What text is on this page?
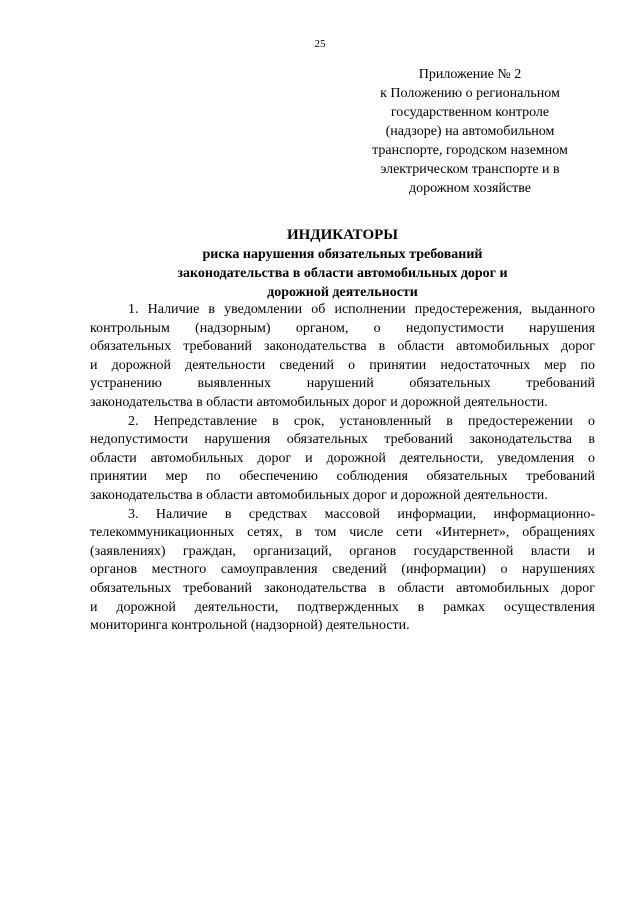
25
Приложение № 2
к Положению о региональном
государственном контроле
(надзоре) на автомобильном
транспорте, городском наземном
электрическом транспорте и в
дорожном хозяйстве
ИНДИКАТОРЫ
риска нарушения обязательных требований
законодательства в области автомобильных дорог и
дорожной деятельности
1. Наличие в уведомлении об исполнении предостережения, выданного
контрольным (надзорным) органом, о недопустимости нарушения
обязательных требований законодательства в области автомобильных дорог
и дорожной деятельности сведений о принятии недостаточных мер по
устранению выявленных нарушений обязательных требований
законодательства в области автомобильных дорог и дорожной деятельности.
2. Непредставление в срок, установленный в предостережении о
недопустимости нарушения обязательных требований законодательства в
области автомобильных дорог и дорожной деятельности, уведомления о
принятии мер по обеспечению соблюдения обязательных требований
законодательства в области автомобильных дорог и дорожной деятельности.
3. Наличие в средствах массовой информации, информационно-
телекоммуникационных сетях, в том числе сети «Интернет», обращениях
(заявлениях) граждан, организаций, органов государственной власти и
органов местного самоуправления сведений (информации) о нарушениях
обязательных требований законодательства в области автомобильных дорог
и дорожной деятельности, подтвержденных в рамках осуществления
мониторинга контрольной (надзорной) деятельности.
